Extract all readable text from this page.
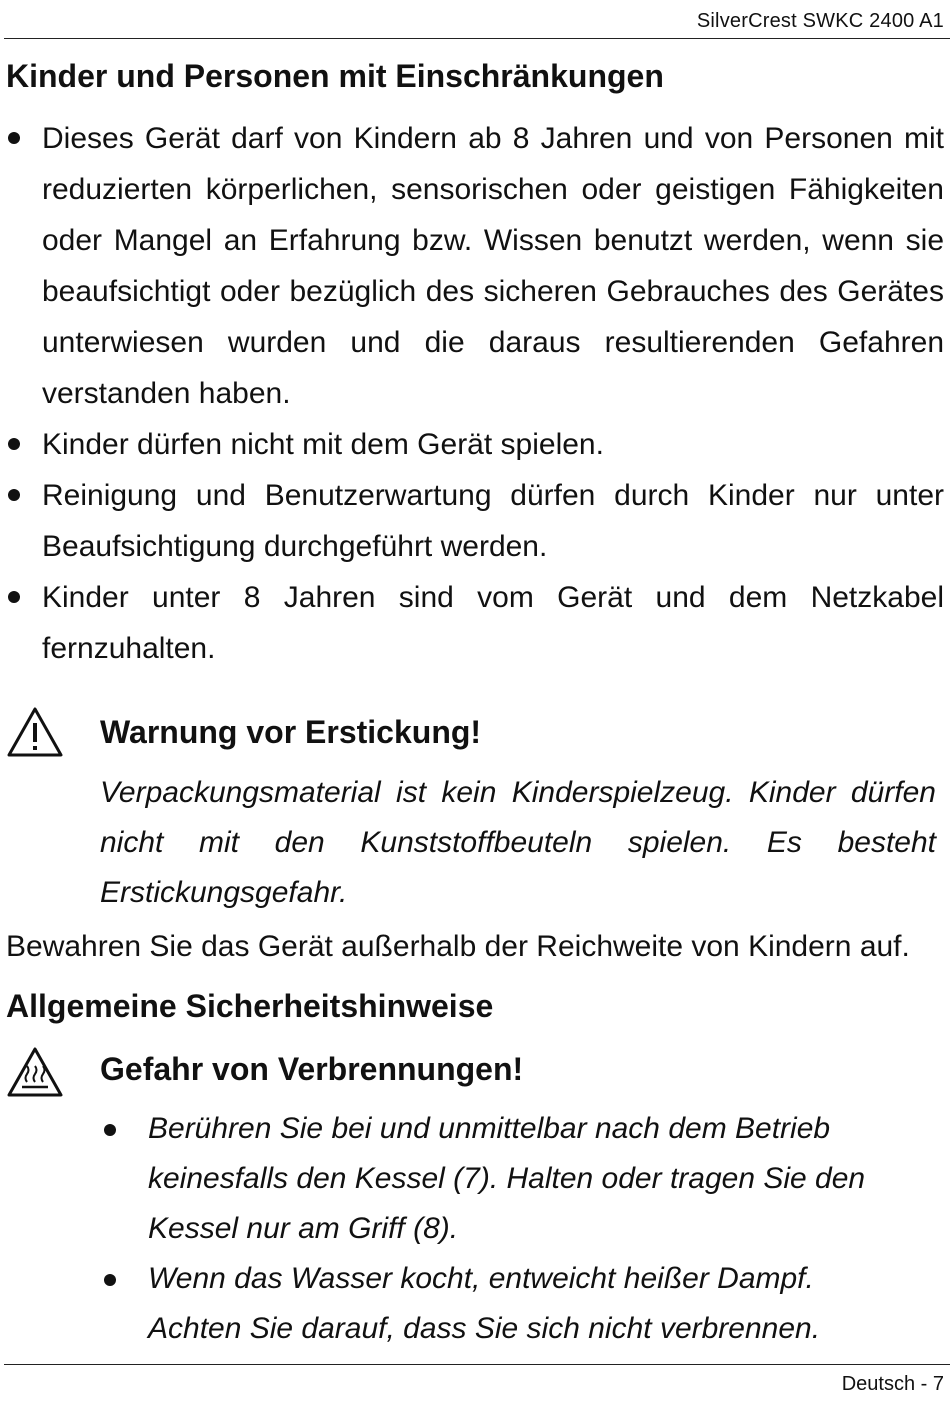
SilverCrest SWKC 2400 A1
Kinder und Personen mit Einschränkungen
Dieses Gerät darf von Kindern ab 8 Jahren und von Personen mit reduzierten körperlichen, sensorischen oder geistigen Fähigkeiten oder Mangel an Erfahrung bzw. Wissen benutzt werden, wenn sie beaufsichtigt oder bezüglich des sicheren Gebrauches des Gerätes unterwiesen wurden und die daraus resultierenden Gefahren verstanden haben.
Kinder dürfen nicht mit dem Gerät spielen.
Reinigung und Benutzerwartung dürfen durch Kinder nur unter Beaufsichtigung durchgeführt werden.
Kinder unter 8 Jahren sind vom Gerät und dem Netzkabel fernzuhalten.
Warnung vor Erstickung!

Verpackungsmaterial ist kein Kinderspielzeug. Kinder dürfen nicht mit den Kunststoffbeuteln spielen. Es besteht Erstickungsgefahr.

Bewahren Sie das Gerät außerhalb der Reichweite von Kindern auf.

Allgemeine Sicherheitshinweise
Gefahr von Verbrennungen!
Berühren Sie bei und unmittelbar nach dem Betrieb keinesfalls den Kessel (7). Halten oder tragen Sie den Kessel nur am Griff (8).
Wenn das Wasser kocht, entweicht heißer Dampf. Achten Sie darauf, dass Sie sich nicht verbrennen.
Deutsch - 7
